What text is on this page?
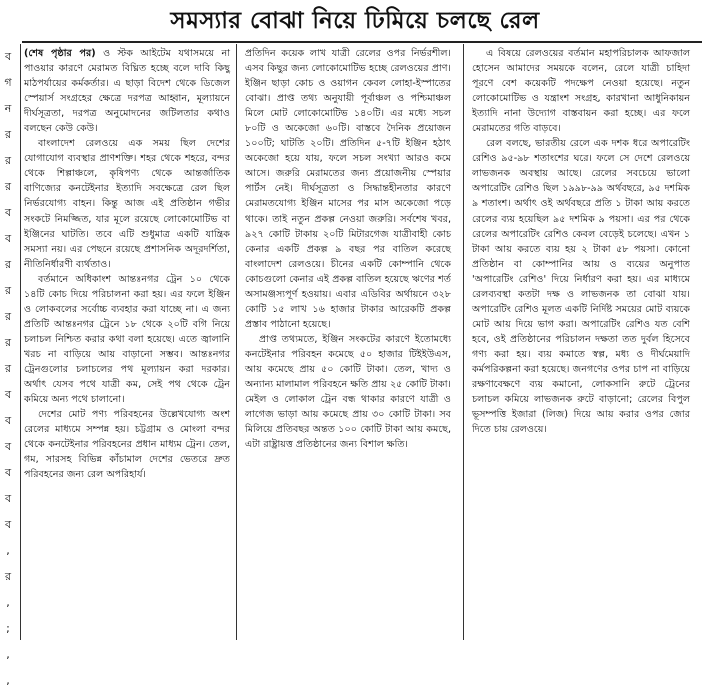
সমস্যার বোঝা নিয়ে ঢিমিয়ে চলছে রেল
ব
গ
ন
র
র
র
ব
ব
র
র
র
র
র
ব
ব
ব
ব
ব
ব
,
র
,
;
,
,

(শেষ পৃষ্ঠার পর) ও স্টক আইটেম যথাসময়ে না পাওয়ার কারণে মেরামত বিঘ্নিত হচ্ছে বলে দাবি কিছু মাঠপর্যায়ের কর্মকর্তার। এ ছাড়া বিদেশ থেকে ডিজেল স্পেয়ার্স সংগ্রহের ক্ষেত্রে দরপত্র আহ্বান, মূল্যায়নে দীর্ঘসূত্রতা, দরপত্র অনুমোদনের জটিলতার কথাও বলছেন কেউ কেউ।

বাংলাদেশ রেলওয়ে এক সময় ছিল দেশের যোগাযোগ ব্যবস্থার প্রাণশক্তি। শহর থেকে শহরে, বন্দর থেকে শিল্পাঞ্চলে, কৃষিপণ্য থেকে আন্তর্জাতিক বাণিজ্যের কনটেইনার ইত্যাদি সবক্ষেত্রে রেল ছিল নির্ভরযোগ্য বাহন। কিন্তু আজ এই প্রতিষ্ঠান গভীর সংকটে নিমজ্জিত, যার মূলে রয়েছে লোকোমোটিভ বা ইঞ্জিনের ঘাটতি। তবে এটি শুধুমাত্র একটি যান্ত্রিক সমস্যা নয়। এর পেছনে রয়েছে প্রশাসনিক অদূরদর্শিতা, নীতিনির্ধারণী ব্যর্থতাও।

বর্তমানে অধিকাংশ আন্তঃনগর ট্রেন ১০ থেকে ১৪টি কোচ দিয়ে পরিচালনা করা হয়। এর ফলে ইঞ্জিন ও লোকবলের সর্বোচ্চ ব্যবহার করা যাচ্ছে না। এ জন্য প্রতিটি আন্তঃনগর ট্রেনে ১৮ থেকে ২০টি বগি নিয়ে চলাচল নিশ্চিত করার কথা বলা হয়েছে। এতে জ্বালানি খরচ না বাড়িয়ে আয় বাড়ানো সম্ভব। আন্তঃনগর ট্রেনগুলোর চলাচলের পথ মূল্যায়ন করা দরকার। অর্থাৎ যেসব পথে যাত্রী কম, সেই পথ থেকে ট্রেন কমিয়ে অন্য পথে চালানো।

দেশের মোট পণ্য পরিবহনের উল্লেখযোগ্য অংশ রেলের মাধ্যমে সম্পন্ন হয়। চট্টগ্রাম ও মোংলা বন্দর থেকে কনটেইনার পরিবহনের প্রধান মাধ্যম ট্রেন। তেল, গম, সারসহ বিভিন্ন কাঁচামাল দেশের ভেতরে দ্রুত পরিবহনের জন্য রেল অপরিহার্য।

প্রতিদিন কয়েক লাখ যাত্রী রেলের ওপর নির্ভরশীল। এসব কিছুর জন্য লোকোমোটিভ হচ্ছে রেলওয়ের প্রাণ। ইঞ্জিন ছাড়া কোচ ও ওয়াগন কেবল লোহা-ইস্পাতের বোঝা। প্রাপ্ত তথ্য অনুযায়ী পূর্বাঞ্চল ও পশ্চিমাঞ্চল মিলে মোট লোকোমোটিভ ১৪০টি। এর মধ্যে সচল ৮০টি ও অকেজো ৬০টি। বাস্তবে দৈনিক প্রয়োজন ১০০টি; ঘাটতি ২০টি। প্রতিদিন ৫-৭টি ইঞ্জিন হঠাৎ অকেজো হয়ে যায়, ফলে সচল সংখ্যা আরও কমে আসে। জরুরি মেরামতের জন্য প্রয়োজনীয় স্পেয়ার পার্টস নেই। দীর্ঘসূত্রতা ও সিদ্ধান্তহীনতার কারণে মেরামতযোগ্য ইঞ্জিন মাসের পর মাস অকেজো পড়ে থাকে। তাই নতুন প্রকল্প নেওয়া জরুরি। সর্বশেষ খবর, ৯২৭ কোটি টাকায় ২০টি মিটারগেজ যাত্রীবাহী কোচ কেনার একটি প্রকল্প ৯ বছর পর বাতিল করেছে বাংলাদেশ রেলওয়ে। চীনের একটি কোম্পানি থেকে কোচগুলো কেনার এই প্রকল্প বাতিল হয়েছে ঋণের শর্ত অসামঞ্জস্যপূর্ণ হওয়ায়। এবার এডিবির অর্থায়নে ৩২৮ কোটি ১৫ লাখ ১৬ হাজার টাকার আরেকটি প্রকল্প প্রস্তাব পাঠানো হয়েছে।

প্রাপ্ত তথ্যমতে, ইঞ্জিন সংকটের কারণে ইতোমধ্যে কনটেইনার পরিবহন কমেছে ৫০ হাজার টিইইউএস, আয় কমেছে প্রায় ৫০ কোটি টাকা। তেল, খাদ্য ও অন্যান্য মালামাল পরিবহনে ক্ষতি প্রায় ২৫ কোটি টাকা। মেইল ও লোকাল ট্রেন বন্ধ থাকার কারণে যাত্রী ও লাগেজ ভাড়া আয় কমেছে প্রায় ৩০ কোটি টাকা। সব মিলিয়ে প্রতিবছর অন্তত ১০০ কোটি টাকা আয় কমছে, এটা রাষ্ট্রায়ত্ত প্রতিষ্ঠানের জন্য বিশাল ক্ষতি।

এ বিষয়ে রেলওয়ের বর্তমান মহাপরিচালক আফজাল হোসেন আমাদের সময়কে বলেন, রেলে যাত্রী চাহিদা পূরণে বেশ কয়েকটি পদক্ষেপ নেওয়া হয়েছে। নতুন লোকোমোটিভ ও যন্ত্রাংশ সংগ্রহ, কারখানা আধুনিকায়ন ইত্যাদি নানা উদ্যোগ বাস্তবায়ন করা হচ্ছে। এর ফলে মেরামতের গতি বাড়বে।

রেল বলছে, ভারতীয় রেলে এক দশক ধরে অপারেটিং রেশিও ৯৫-৯৮ শতাংশের ঘরে। ফলে সে দেশে রেলওয়ে লাভজনক অবস্থায় আছে। রেলের সবচেয়ে ভালো অপারেটিং রেশিও ছিল ১৯৯৮-৯৯ অর্থবছরে, ৯৫ দশমিক ৯ শতাংশ। অর্থাৎ ওই অর্থবছরে প্রতি ১ টাকা আয় করতে রেলের ব্যয় হয়েছিল ৯৫ দশমিক ৯ পয়সা। এর পর থেকে রেলের অপারেটিং রেশিও কেবল বেড়েই চলেছে। এখন ১ টাকা আয় করতে ব্যয় হয় ২ টাকা ৫৮ পয়সা। কোনো প্রতিষ্ঠান বা কোম্পানির আয় ও ব্যয়ের অনুপাত 'অপারেটিং রেশিও' দিয়ে নির্ধারণ করা হয়। এর মাধ্যমে রেলব্যবস্থা কতটা দক্ষ ও লাভজনক তা বোঝা যায়। অপারেটিং রেশিও মূলত একটি নির্দিষ্ট সময়ের মোট ব্যয়কে মোট আয় দিয়ে ভাগ করা। অপারেটিং রেশিও যত বেশি হবে, ওই প্রতিষ্ঠানের পরিচালন দক্ষতা তত দুর্বল হিসেবে গণ্য করা হয়। ব্যয় কমাতে স্বল্প, মধ্য ও দীর্ঘমেয়াদি কর্মপরিকল্পনা করা হয়েছে। জনগণের ওপর চাপ না বাড়িয়ে রক্ষণাবেক্ষণে ব্যয় কমানো, লোকসানি রুটে ট্রেনের চলাচল কমিয়ে লাভজনক রুটে বাড়ানো; রেলের বিপুল ভূসম্পত্তি ইজারা (লিজ) দিয়ে আয় করার ওপর জোর দিতে চায় রেলওয়ে।
